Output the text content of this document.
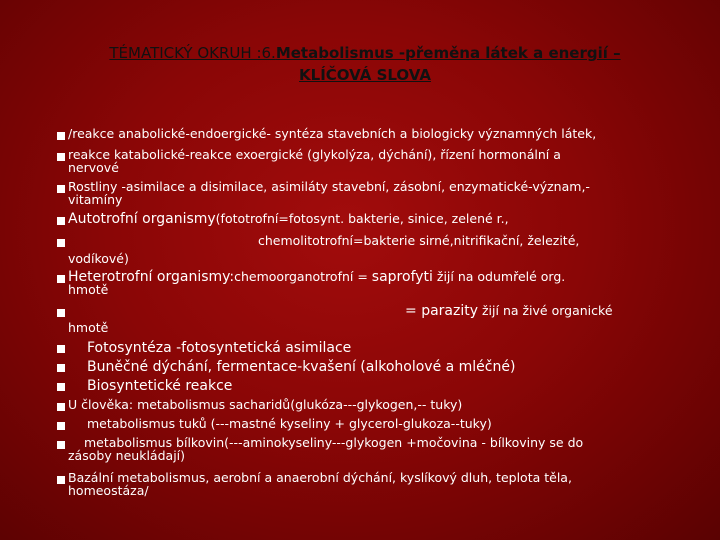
TÉMATICKÝ OKRUH :6.Metabolismus -přeměna látek a energií –
KLÍČOVÁ SLOVA
/reakce anabolické-endoergické- syntéza stavebních a biologicky významných látek,
reakce katabolické-reakce exoergické (glykolýza, dýchání), řízení hormonální a
nervové
Rostliny -asimilace a disimilace, asimiláty stavební, zásobní, enzymatické-význam,-
vitamíny
Autotrofní organismy(fototrofní=fotosynt. bakterie, sinice, zelené r.,
chemolitotrofní=bakterie sirné,nitrifikační, železité,
vodíkové)
Heterotrofní organismy:chemoorganotrofní = saprofyti žijí na odumřelé org.
hmotě
= parazity žijí na živé organické
hmotě
Fotosyntéza -fotosyntetická asimilace
Buněčné dýchání, fermentace-kvašení (alkoholové a mléčné)
Biosyntetické reakce
U člověka: metabolismus sacharidů(glukóza---glykogen,-- tuky)
metabolismus tuků (---mastné kyseliny + glycerol-glukoza--tuky)
metabolismus bílkovin(---aminokyseliny---glykogen +močovina - bílkoviny se do
zásoby neukládají)
Bazální metabolismus, aerobní a anaerobní dýchání, kyslíkový dluh, teplota těla,
homeostáza/
